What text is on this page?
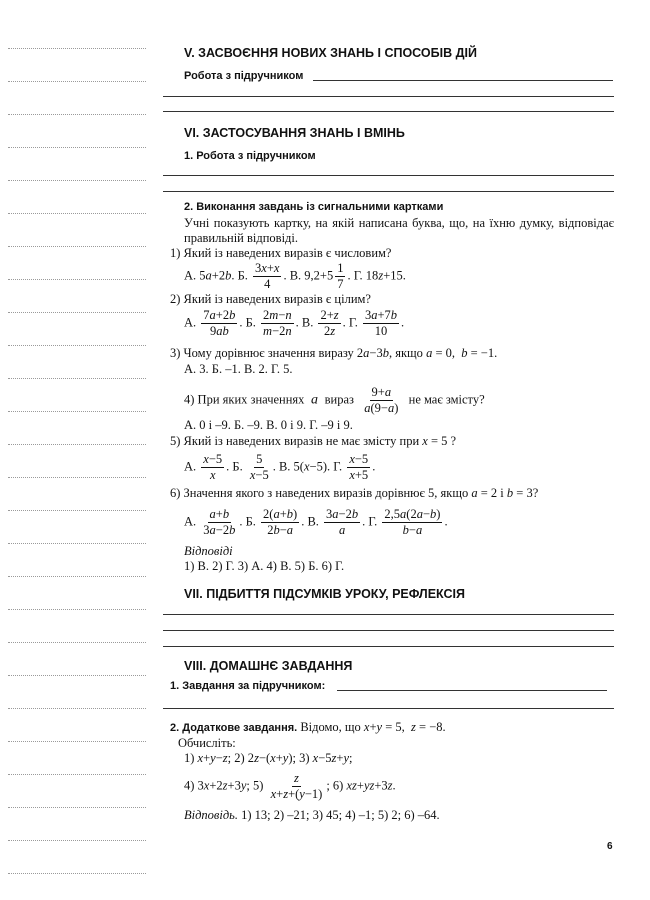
V. ЗАСВОЄННЯ НОВИХ ЗНАНЬ І СПОСОБІВ ДІЙ
Робота з підручником
VI. ЗАСТОСУВАННЯ ЗНАНЬ І ВМІНЬ
1. Робота з підручником
2. Виконання завдань із сигнальними картками
Учні показують картку, на якій написана буква, що, на їхню думку, відповідає правильній відповіді.
1) Який із наведених виразів є числовим?
А. 5a+2b. Б. $\frac{3x+x}{4}$ . В. $9,2+5 \frac{1}{7}$ . Г. 18z+15.
2) Який із наведених виразів є цілим?
А. $\frac{7a+2b}{9ab}$ . Б. $\frac{2m-n}{m-2n}$ . В. $\frac{2+z}{2z}$ . Г. $\frac{3a+7b}{10}$ .
3) Чому дорівнює значення виразу 2a−3b, якщо a = 0,  b = −1.
А. 3. Б. –1. В. 2. Г. 5.
4) При яких значеннях  a  вираз $\frac{9+a}{a(9-a)}$ не має змісту?
А. 0 і –9. Б. –9. В. 0 і 9. Г. –9 і 9.
5) Який із наведених виразів не має змісту при x = 5 ?
А. $\frac{x-5}{x}$ . Б. $\frac{5}{x-5}$ . В. 5(x−5). Г. $\frac{x-5}{x+5}$ .
6) Значення якого з наведених виразів дорівнює 5, якщо a = 2 і b = 3?
А. $\frac{a+b}{3a-2b}$ . Б. $\frac{2(a+b)}{2b-a}$ . В. $\frac{3a-2b}{a}$ . Г. $\frac{2,5a(2a-b)}{b-a}$ .
Відповіді
1) В. 2) Г. 3) А. 4) В. 5) Б. 6) Г.
VII. ПІДБИТТЯ ПІДСУМКІВ УРОКУ, РЕФЛЕКСІЯ
VIII. ДОМАШНЄ ЗАВДАННЯ
1. Завдання за підручником:
2. Додаткове завдання. Відомо, що x+y = 5,  z = −8.
Обчисліть:
1) x+y−z; 2) 2z−(x+y); 3) x−5z+y;
4) 3x+2z+3y; $5) \frac{z}{x+z+(y-1)}$ ; 6) xz+yz+3z.
Відповідь. 1) 13; 2) –21; 3) 45; 4) –1; 5) 2; 6) –64.
6
